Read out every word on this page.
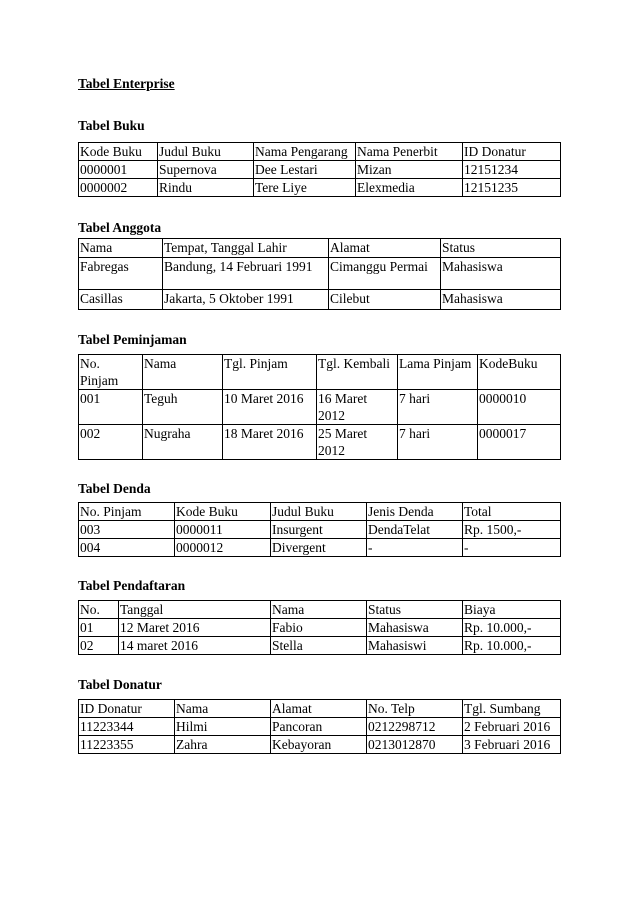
Tabel Enterprise
Tabel Buku
Kode Buku	Judul Buku	Nama Pengarang	Nama Penerbit	ID Donatur
0000001	Supernova	Dee Lestari	Mizan	12151234
0000002	Rindu	Tere Liye	Elexmedia	12151235
Tabel Anggota
Nama	Tempat, Tanggal Lahir	Alamat	Status
Fabregas	Bandung, 14 Februari 1991	Cimanggu Permai	Mahasiswa
Casillas	Jakarta, 5 Oktober 1991	Cilebut	Mahasiswa
Tabel Peminjaman
No. Pinjam	Nama	Tgl. Pinjam	Tgl. Kembali	Lama Pinjam	KodeBuku
001	Teguh	10 Maret 2016	16 Maret 2012	7 hari	0000010
002	Nugraha	18 Maret 2016	25 Maret 2012	7 hari	0000017
Tabel Denda
No. Pinjam	Kode Buku	Judul Buku	Jenis Denda	Total
003	0000011	Insurgent	DendaTelat	Rp. 1500,-
004	0000012	Divergent	-	-
Tabel Pendaftaran
No.	Tanggal	Nama	Status	Biaya
01	12 Maret 2016	Fabio	Mahasiswa	Rp. 10.000,-
02	14 maret 2016	Stella	Mahasiswi	Rp. 10.000,-
Tabel Donatur
ID Donatur	Nama	Alamat	No. Telp	Tgl. Sumbang
11223344	Hilmi	Pancoran	0212298712	2 Februari 2016
11223355	Zahra	Kebayoran	0213012870	3 Februari 2016
